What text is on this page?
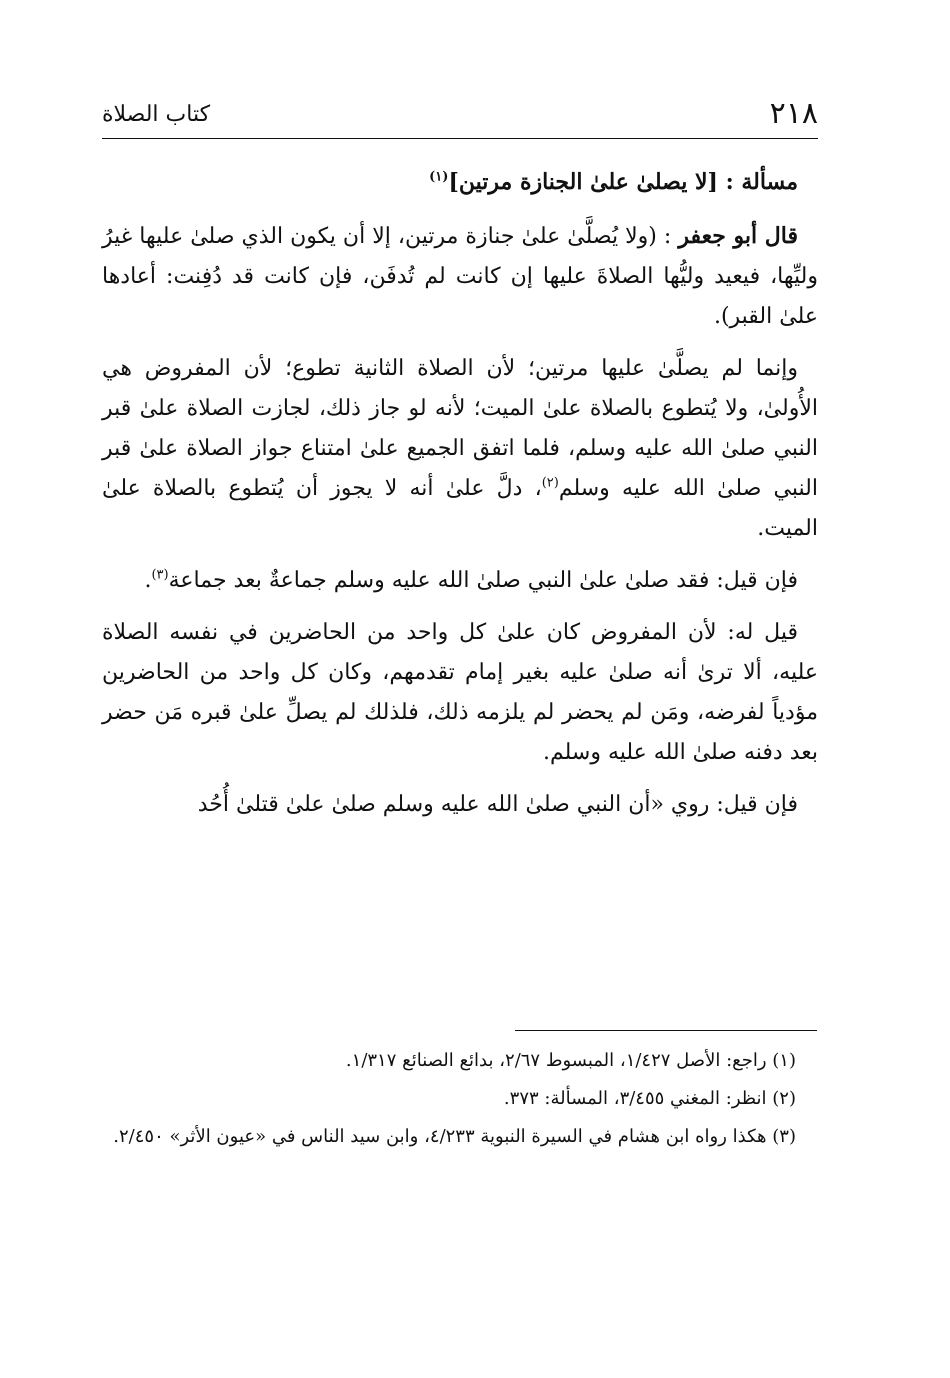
٢١٨
كتاب الصلاة
مسألة : [لا يصلىٰ علىٰ الجنازة مرتين]$^{(١)}$

قال أبو جعفر : (ولا يُصلَّىٰ علىٰ جنازة مرتين، إلا أن يكون الذي صلىٰ عليها غيرُ وليِّها، فيعيد وليُّها الصلاةَ عليها إن كانت لم تُدفَن، فإن كانت قد دُفِنت: أعادها علىٰ القبر).

وإنما لم يصلَّىٰ عليها مرتين؛ لأن الصلاة الثانية تطوع؛ لأن المفروض هي الأُولىٰ، ولا يُتطوع بالصلاة علىٰ الميت؛ لأنه لو جاز ذلك، لجازت الصلاة علىٰ قبر النبي صلىٰ الله عليه وسلم، فلما اتفق الجميع علىٰ امتناع جواز الصلاة علىٰ قبر النبي صلىٰ الله عليه وسلم$^{(٢)}$، دلَّ علىٰ أنه لا يجوز أن يُتطوع بالصلاة علىٰ الميت.

فإن قيل: فقد صلىٰ علىٰ النبي صلىٰ الله عليه وسلم جماعةٌ بعد جماعة$^{(٣)}$.

قيل له: لأن المفروض كان علىٰ كل واحد من الحاضرين في نفسه الصلاة عليه، ألا ترىٰ أنه صلىٰ عليه بغير إمام تقدمهم، وكان كل واحد من الحاضرين مؤدياً لفرضه، ومَن لم يحضر لم يلزمه ذلك، فلذلك لم يصلِّ علىٰ قبره مَن حضر بعد دفنه صلىٰ الله عليه وسلم.

فإن قيل: روي «أن النبي صلىٰ الله عليه وسلم صلىٰ علىٰ قتلىٰ أُحُد

(١) راجع: الأصل ١/٤٢٧، المبسوط ٢/٦٧، بدائع الصنائع ١/٣١٧.
(٢) انظر: المغني ٣/٤٥٥، المسألة: ٣٧٣.
(٣) هكذا رواه ابن هشام في السيرة النبوية ٤/٢٣٣، وابن سيد الناس في «عيون الأثر» ٢/٤٥٠.
